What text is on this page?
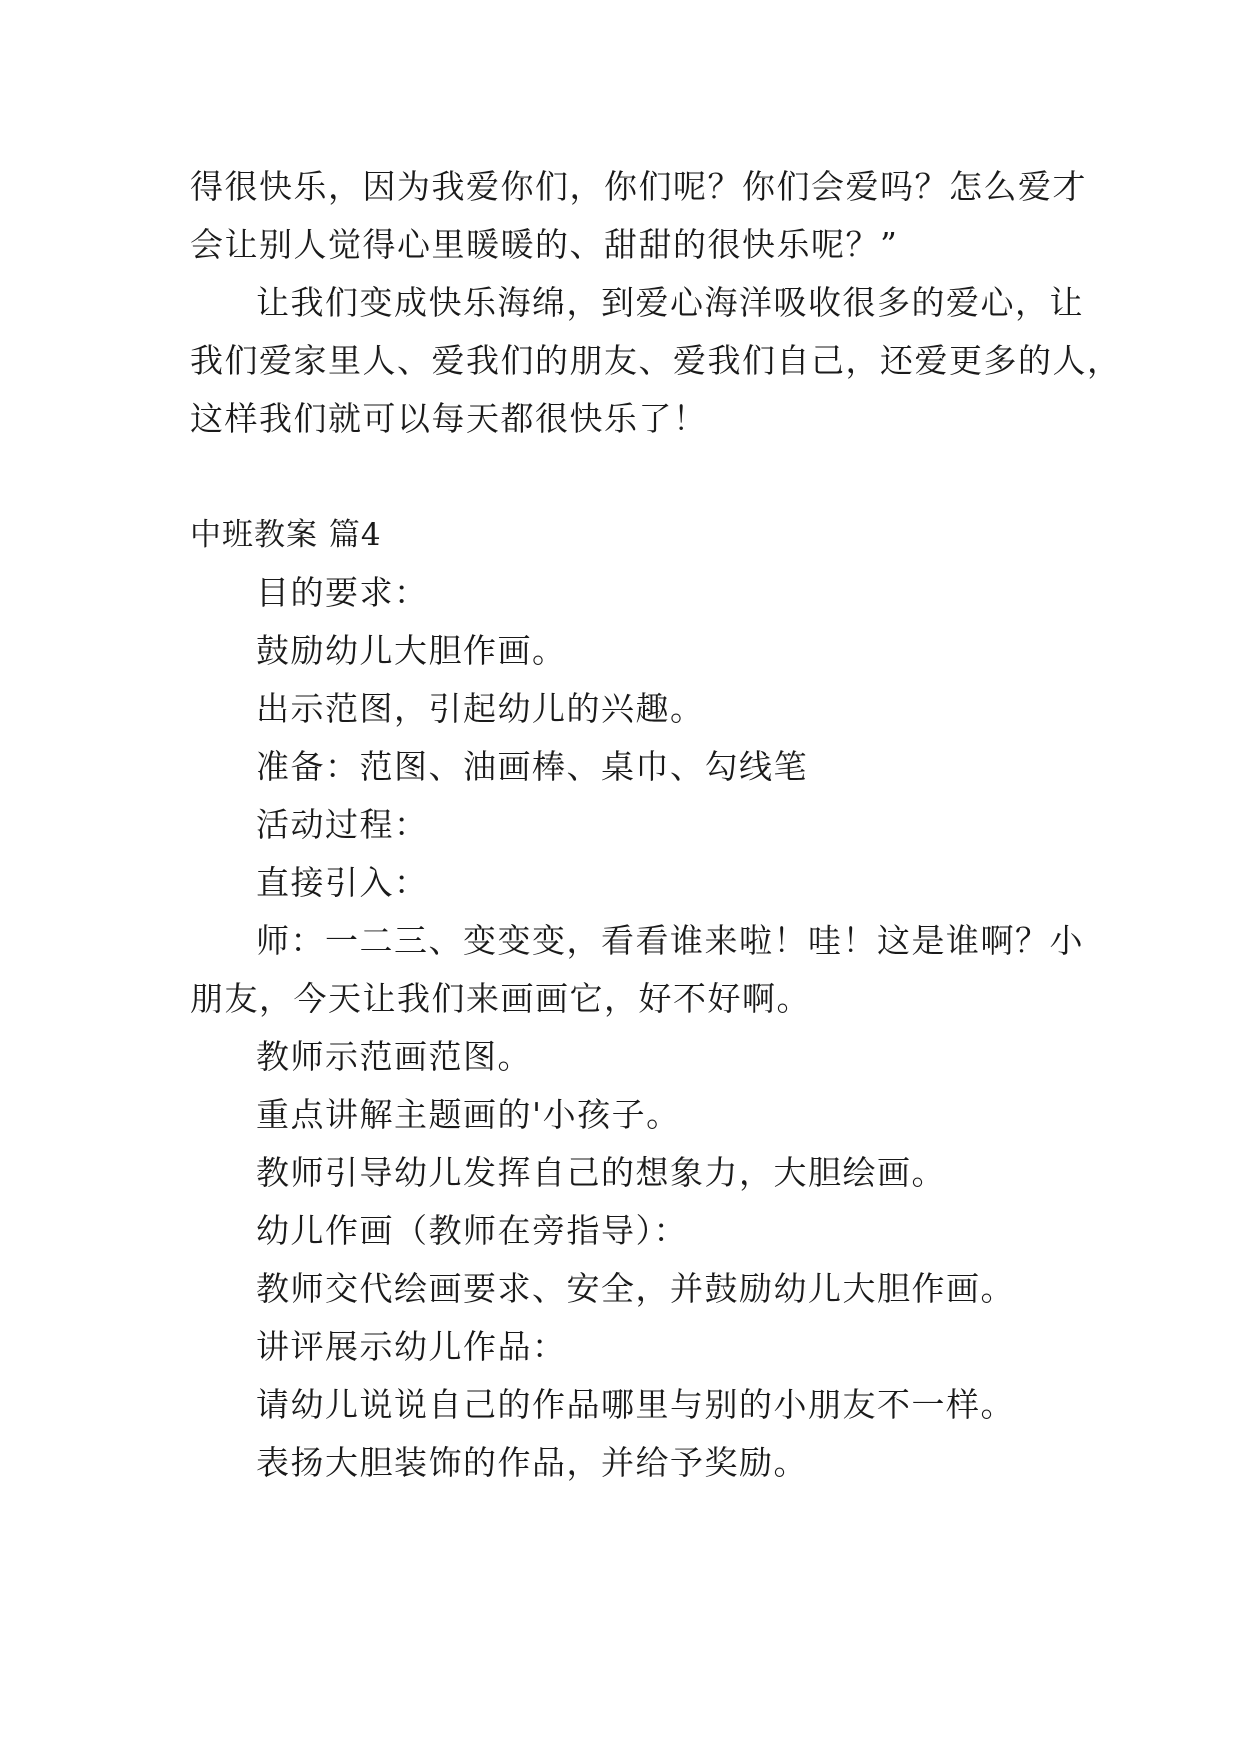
得很快乐，因为我爱你们，你们呢？你们会爱吗？怎么爱才
会让别人觉得心里暖暖的、甜甜的很快乐呢？”
让我们变成快乐海绵，到爱心海洋吸收很多的爱心，让
我们爱家里人、爱我们的朋友、爱我们自己，还爱更多的人，
这样我们就可以每天都很快乐了！
中班教案 篇4
目的要求：
鼓励幼儿大胆作画。
出示范图，引起幼儿的兴趣。
准备：范图、油画棒、桌巾、勾线笔
活动过程：
直接引入：
师：一二三、变变变，看看谁来啦！哇！这是谁啊？小
朋友，今天让我们来画画它，好不好啊。
教师示范画范图。
重点讲解主题画的'小孩子。
教师引导幼儿发挥自己的想象力，大胆绘画。
幼儿作画（教师在旁指导）：
教师交代绘画要求、安全，并鼓励幼儿大胆作画。
讲评展示幼儿作品：
请幼儿说说自己的作品哪里与别的小朋友不一样。
表扬大胆装饰的作品，并给予奖励。
